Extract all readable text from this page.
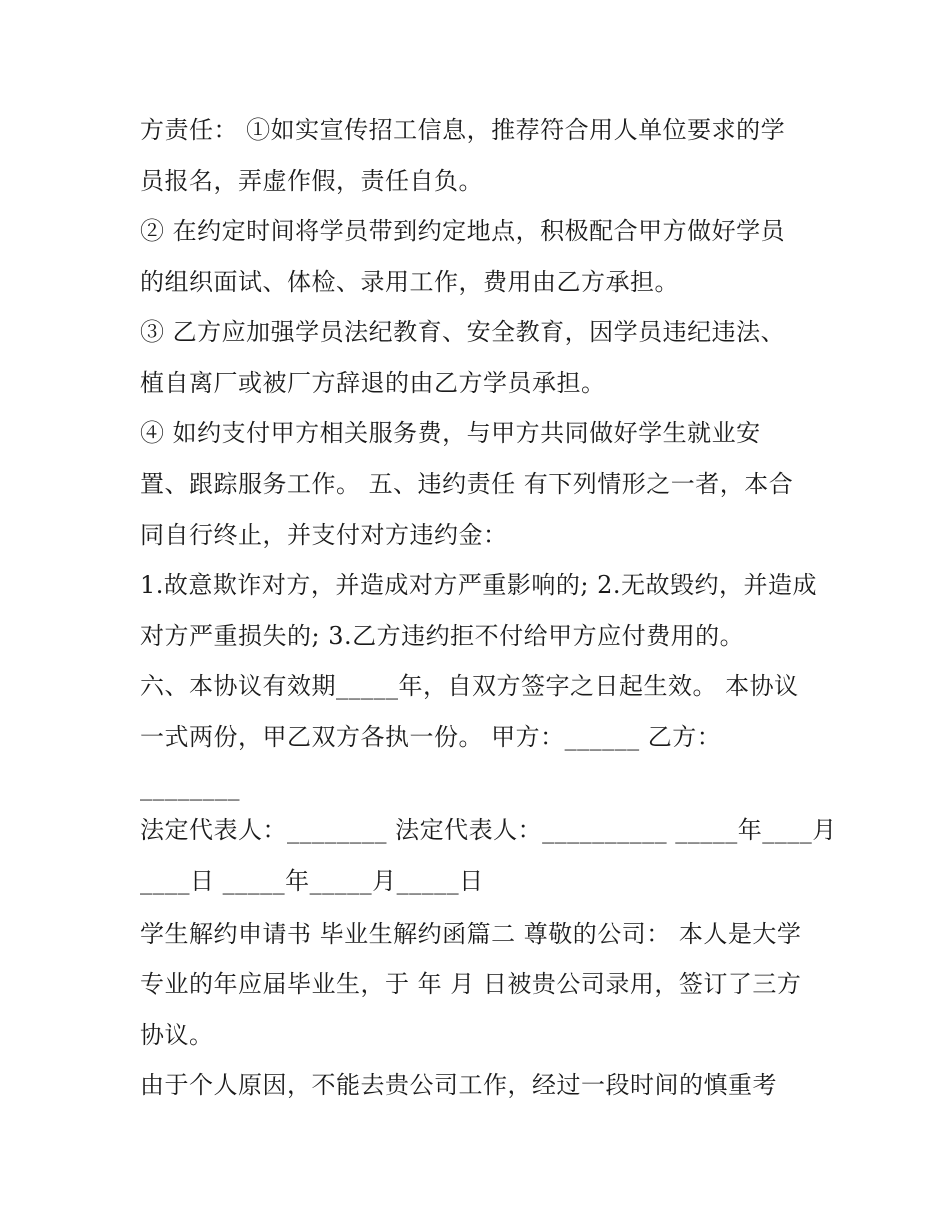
方责任： ①如实宣传招工信息，推荐符合用人单位要求的学
员报名，弄虚作假，责任自负。
② 在约定时间将学员带到约定地点，积极配合甲方做好学员
的组织面试、体检、录用工作，费用由乙方承担。
③ 乙方应加强学员法纪教育、安全教育，因学员违纪违法、
植自离厂或被厂方辞退的由乙方学员承担。
④ 如约支付甲方相关服务费，与甲方共同做好学生就业安
置、跟踪服务工作。 五、违约责任 有下列情形之一者，本合
同自行终止，并支付对方违约金：
1.故意欺诈对方，并造成对方严重影响的; 2.无故毁约，并造成
对方严重损失的; 3.乙方违约拒不付给甲方应付费用的。
六、本协议有效期_____年，自双方签字之日起生效。 本协议
一式两份，甲乙双方各执一份。 甲方：______ 乙方：
________
法定代表人：________ 法定代表人：__________ _____年____月
____日 _____年_____月_____日
学生解约申请书 毕业生解约函篇二 尊敬的公司： 本人是大学
专业的年应届毕业生，于 年 月 日被贵公司录用，签订了三方
协议。
由于个人原因，不能去贵公司工作，经过一段时间的慎重考
